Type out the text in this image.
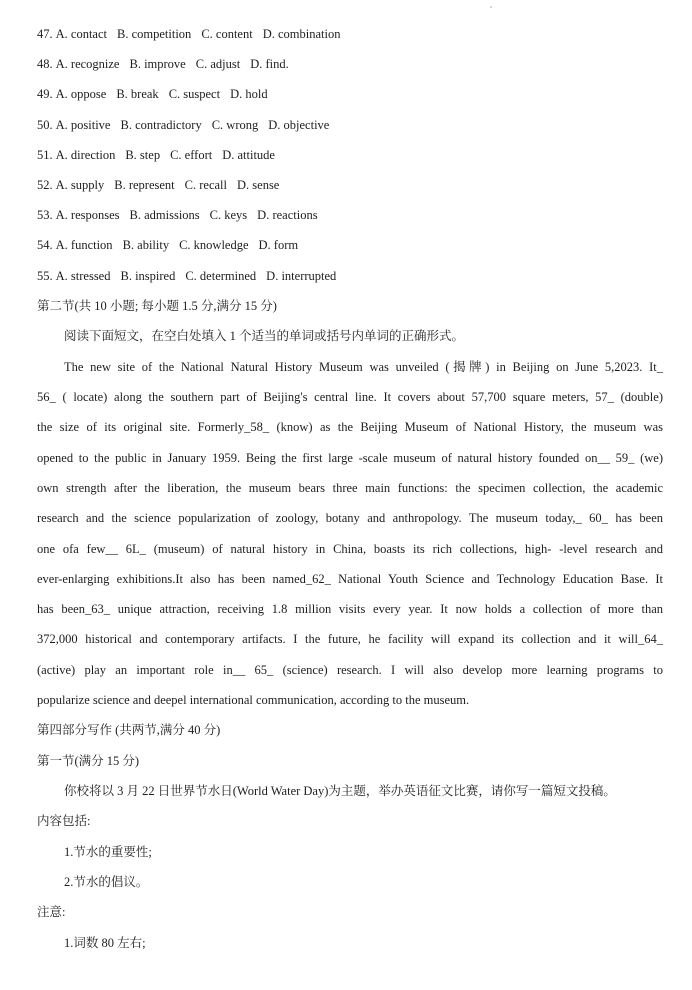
47. A. contact B. competition C. content D. combination
48. A. recognize B. improve C. adjust D. find.
49. A. oppose B. break C. suspect D. hold
50. A. positive B. contradictory C. wrong D. objective
51. A. direction B. step C. effort D. attitude
52. A. supply B. represent C. recall D. sense
53. A. responses B. admissions C. keys D. reactions
54. A. function B. ability C. knowledge D. form
55. A. stressed B. inspired C. determined D. interrupted
第二节(共 10 小题; 每小题 1.5 分,满分 15 分)
阅读下面短文，在空白处填入 1 个适当的单词或括号内单词的正确形式。
The new site of the National Natural History Museum was unveiled (揭牌) in Beijing on June 5,2023. It_
56_ ( locate) along the southern part of Beijing's central line. It covers about 57,700 square meters, 57_ (double)
the size of its original site. Formerly_58_ (know) as the Beijing Museum of National History, the museum was
opened to the public in January 1959. Being the first large -scale museum of natural history founded on__ 59_ (we)
own strength after the liberation, the museum bears three main functions: the specimen collection, the academic
research and the science popularization of zoology, botany and anthropology. The museum today,_ 60_ has been
one ofa few__ 6L_ (museum) of natural history in China, boasts its rich collections, high- -level research and
ever-enlarging exhibitions.It also has been named_62_ National Youth Science and Technology Education Base. It
has been_63_ unique attraction, receiving 1.8 million visits every year. It now holds a collection of more than
372,000 historical and contemporary artifacts. I the future, he facility will expand its collection and it will_64_
(active) play an important role in__ 65_ (science) research. I will also develop more learning programs to
popularize science and deepel international communication, according to the museum.
第四部分写作 (共两节,满分 40 分)
第一节(满分 15 分)
你校将以 3 月 22 日世界节水日(World Water Day)为主题，举办英语征文比赛，请你写一篇短文投稿。
内容包括:
1.节水的重要性;
2.节水的倡议。
注意:
1.词数 80 左右;
